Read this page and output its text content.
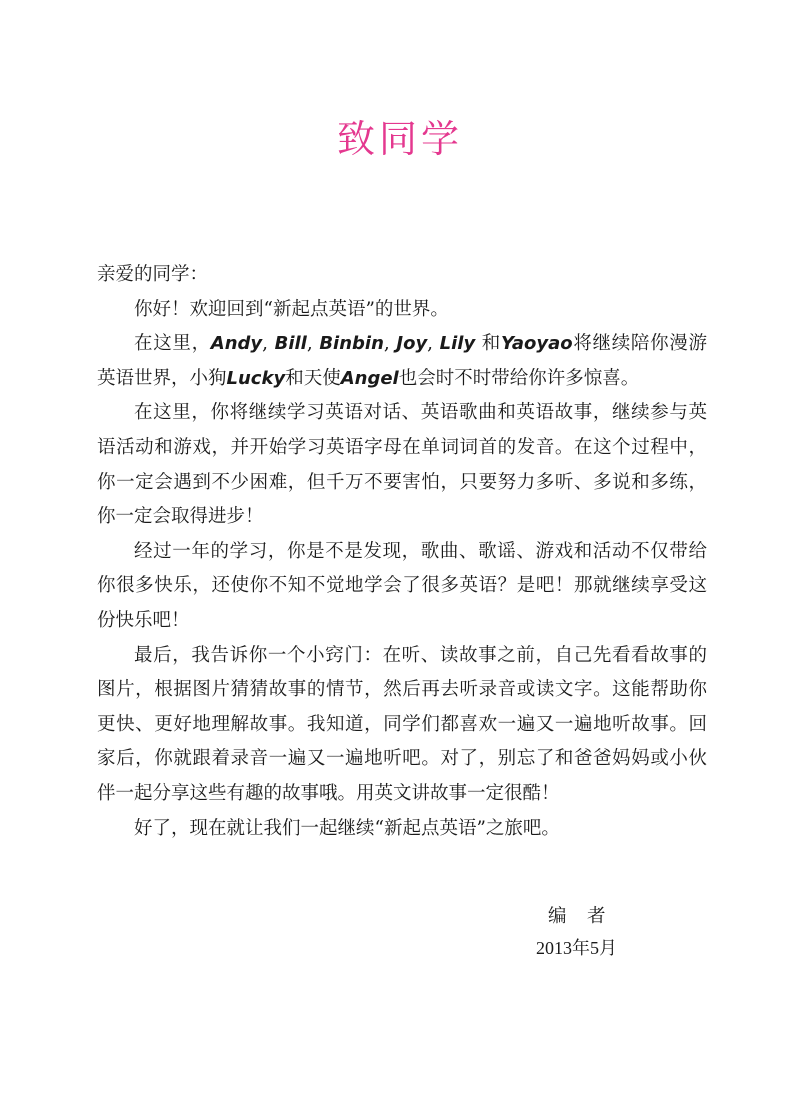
致同学

亲爱的同学：

你好！欢迎回到“新起点英语”的世界。

在这里，Andy, Bill, Binbin, Joy, Lily 和Yaoyao将继续陪你漫游英语世界，小狗Lucky和天使Angel也会时不时带给你许多惊喜。

在这里，你将继续学习英语对话、英语歌曲和英语故事，继续参与英语活动和游戏，并开始学习英语字母在单词词首的发音。在这个过程中，你一定会遇到不少困难，但千万不要害怕，只要努力多听、多说和多练，你一定会取得进步！

经过一年的学习，你是不是发现，歌曲、歌谣、游戏和活动不仅带给你很多快乐，还使你不知不觉地学会了很多英语？是吧！那就继续享受这份快乐吧！

最后，我告诉你一个小窍门：在听、读故事之前，自己先看看故事的图片，根据图片猜猜故事的情节，然后再去听录音或读文字。这能帮助你更快、更好地理解故事。我知道，同学们都喜欢一遍又一遍地听故事。回家后，你就跟着录音一遍又一遍地听吧。对了，别忘了和爸爸妈妈或小伙伴一起分享这些有趣的故事哦。用英文讲故事一定很酷！

好了，现在就让我们一起继续“新起点英语”之旅吧。

编　者
2013年5月
